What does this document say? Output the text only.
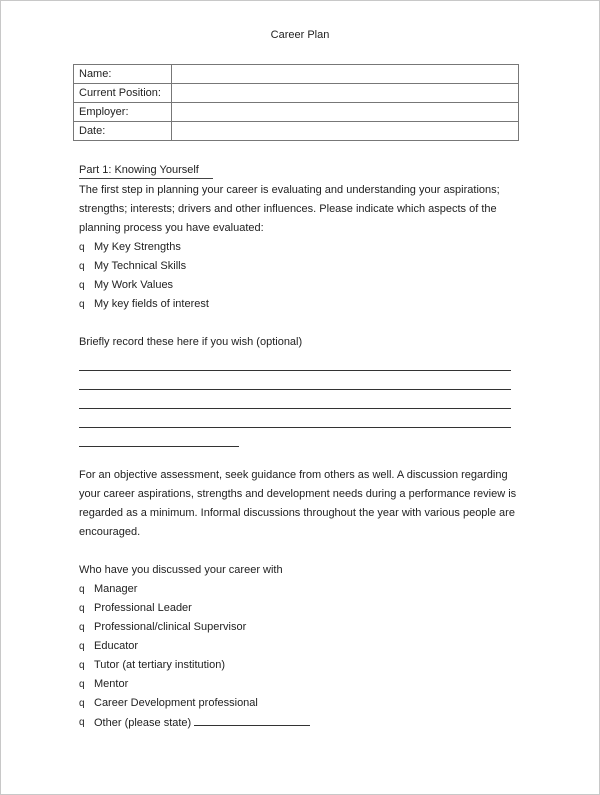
Career Plan
Name:	
Current Position:	
Employer:	
Date:	
Part 1: Knowing Yourself

The first step in planning your career is evaluating and understanding your aspirations; strengths; interests; drivers and other influences. Please indicate which aspects of the planning process you have evaluated:

q My Key Strengths
q My Technical Skills
q My Work Values
q My key fields of interest

Briefly record these here if you wish (optional)

For an objective assessment, seek guidance from others as well. A discussion regarding your career aspirations, strengths and development needs during a performance review is regarded as a minimum. Informal discussions throughout the year with various people are encouraged.

Who have you discussed your career with

q Manager
q Professional Leader
q Professional/clinical Supervisor
q Educator
q Tutor (at tertiary institution)
q Mentor
q Career Development professional
q Other (please state)
